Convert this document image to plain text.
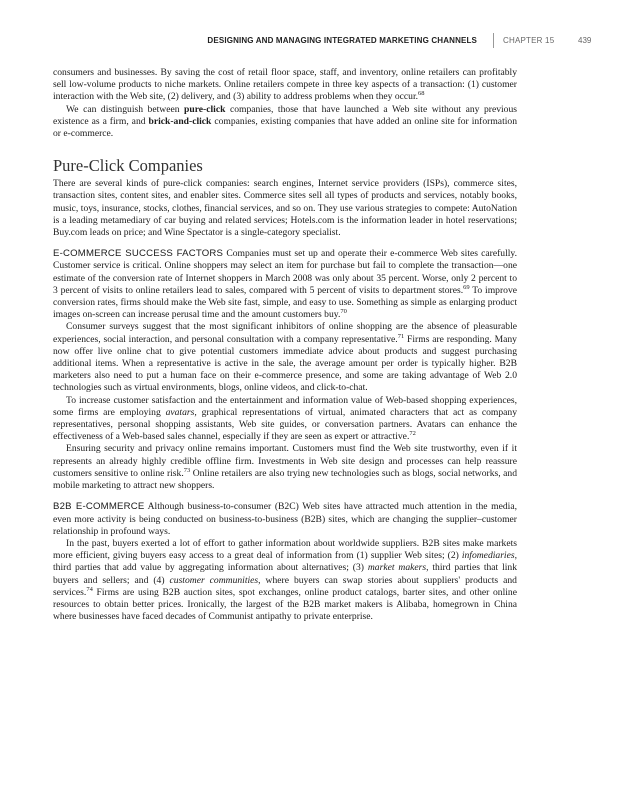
DESIGNING AND MANAGING INTEGRATED MARKETING CHANNELS	CHAPTER 15	439

consumers and businesses. By saving the cost of retail floor space, staff, and inventory, online retailers can profitably sell low-volume products to niche markets. Online retailers compete in three key aspects of a transaction: (1) customer interaction with the Web site, (2) delivery, and (3) ability to address problems when they occur.$^{68}$

We can distinguish between pure-click companies, those that have launched a Web site without any previous existence as a firm, and brick-and-click companies, existing companies that have added an online site for information or e-commerce.

Pure-Click Companies

There are several kinds of pure-click companies: search engines, Internet service providers (ISPs), commerce sites, transaction sites, content sites, and enabler sites. Commerce sites sell all types of products and services, notably books, music, toys, insurance, stocks, clothes, financial services, and so on. They use various strategies to compete: AutoNation is a leading metamediary of car buying and related services; Hotels.com is the information leader in hotel reservations; Buy.com leads on price; and Wine Spectator is a single-category specialist.

E-COMMERCE SUCCESS FACTORS Companies must set up and operate their e-commerce Web sites carefully. Customer service is critical. Online shoppers may select an item for purchase but fail to complete the transaction—one estimate of the conversion rate of Internet shoppers in March 2008 was only about 35 percent. Worse, only 2 percent to 3 percent of visits to online retailers lead to sales, compared with 5 percent of visits to department stores.$^{69}$ To improve conversion rates, firms should make the Web site fast, simple, and easy to use. Something as simple as enlarging product images on-screen can increase perusal time and the amount customers buy.$^{70}$

Consumer surveys suggest that the most significant inhibitors of online shopping are the absence of pleasurable experiences, social interaction, and personal consultation with a company representative.$^{71}$ Firms are responding. Many now offer live online chat to give potential customers immediate advice about products and suggest purchasing additional items. When a representative is active in the sale, the average amount per order is typically higher. B2B marketers also need to put a human face on their e-commerce presence, and some are taking advantage of Web 2.0 technologies such as virtual environments, blogs, online videos, and click-to-chat.

To increase customer satisfaction and the entertainment and information value of Web-based shopping experiences, some firms are employing avatars, graphical representations of virtual, animated characters that act as company representatives, personal shopping assistants, Web site guides, or conversation partners. Avatars can enhance the effectiveness of a Web-based sales channel, especially if they are seen as expert or attractive.$^{72}$

Ensuring security and privacy online remains important. Customers must find the Web site trustworthy, even if it represents an already highly credible offline firm. Investments in Web site design and processes can help reassure customers sensitive to online risk.$^{73}$ Online retailers are also trying new technologies such as blogs, social networks, and mobile marketing to attract new shoppers.

B2B E-COMMERCE Although business-to-consumer (B2C) Web sites have attracted much attention in the media, even more activity is being conducted on business-to-business (B2B) sites, which are changing the supplier–customer relationship in profound ways.

In the past, buyers exerted a lot of effort to gather information about worldwide suppliers. B2B sites make markets more efficient, giving buyers easy access to a great deal of information from (1) supplier Web sites; (2) infomediaries, third parties that add value by aggregating information about alternatives; (3) market makers, third parties that link buyers and sellers; and (4) customer communities, where buyers can swap stories about suppliers' products and services.$^{74}$ Firms are using B2B auction sites, spot exchanges, online product catalogs, barter sites, and other online resources to obtain better prices. Ironically, the largest of the B2B market makers is Alibaba, homegrown in China where businesses have faced decades of Communist antipathy to private enterprise.
